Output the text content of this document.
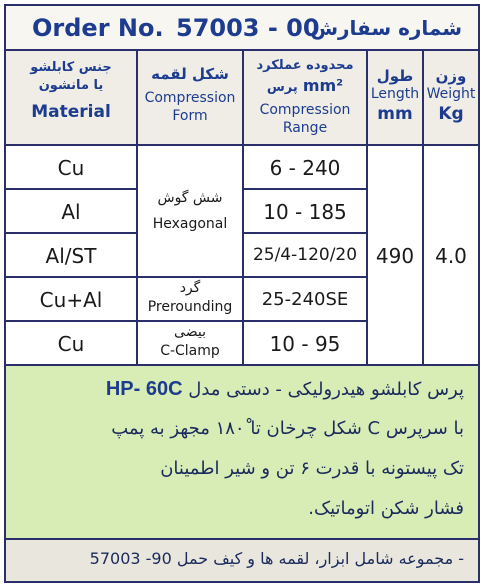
Order No. 57003 - 00
شماره سفارش
جنس کابلشو
یا مانشون
Material
شکل لقمه
Compression
Form
محدوده عملکرد
پرس mm²
Compression
Range
طول
Length
mm
وزن
Weight
Kg
Cu
Al
Al/ST
Cu+Al
Cu
شش گوش
Hexagonal
گرد
Prerounding
بیضی
C-Clamp
6 - 240
10 - 185
25/4-120/20
25-240SE
10 - 95
490	4.0
پرس کابلشو هیدرولیکی - دستی مدل HP- 60C
با سرپرس C شکل چرخان تا ۱۸۰ْ مجهز به پمپ
تک پیستونه با قدرت ۶ تن و شیر اطمینان
فشار شکن اتوماتیک.
- مجموعه شامل ابزار، لقمه ها و کیف حمل 90- 57003
